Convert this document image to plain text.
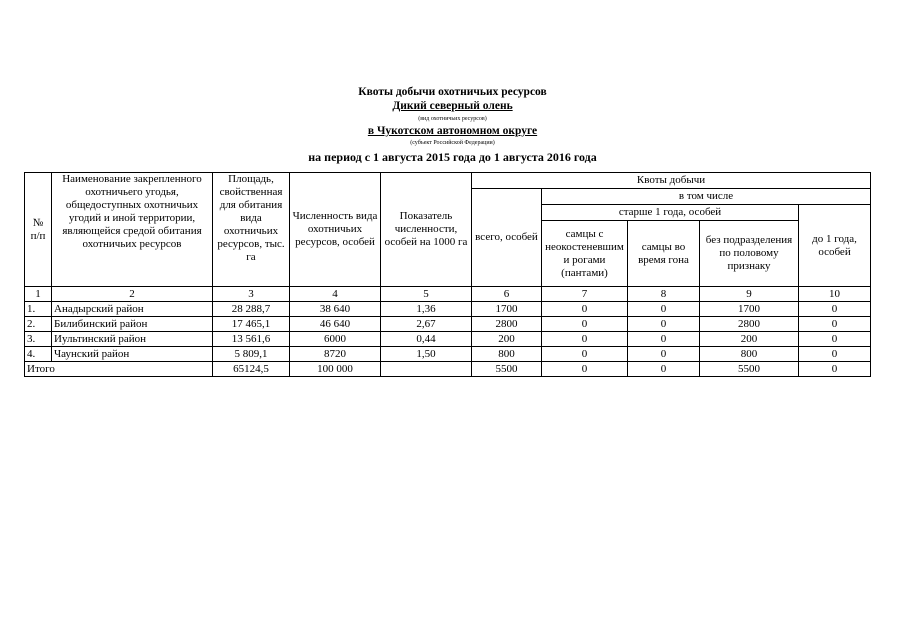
Квоты добычи охотничьих ресурсов
Дикий северный олень
(вид охотничьих ресурсов)
в Чукотском автономном округе
(субъект Российской Федерации)
на период с 1 августа 2015 года до 1 августа 2016 года
№ п/п	Наименование закрепленного охотничьего угодья, общедоступных охотничьих угодий и иной территории, являющейся средой обитания охотничьих ресурсов	Площадь, свойственная для обитания вида охотничьих ресурсов, тыс. га	Численность вида охотничьих ресурсов, особей	Показатель численности, особей на 1000 га	Квоты добычи				
					всего, особей	в том числе			
						старше 1 года, особей			до 1 года, особей
						самцы с неокостеневшим и рогами (пантами)	самцы во время гона	без подразделения по половому признаку	
1	2	3	4	5	6	7	8	9	10
1.	Анадырский район	28 288,7	38 640	1,36	1700	0	0	1700	0
2.	Билибинский район	17 465,1	46 640	2,67	2800	0	0	2800	0
3.	Иультинский район	13 561,6	6000	0,44	200	0	0	200	0
4.	Чаунский район	5 809,1	8720	1,50	800	0	0	800	0
Итого		65124,5	100 000		5500	0	0	5500	0
